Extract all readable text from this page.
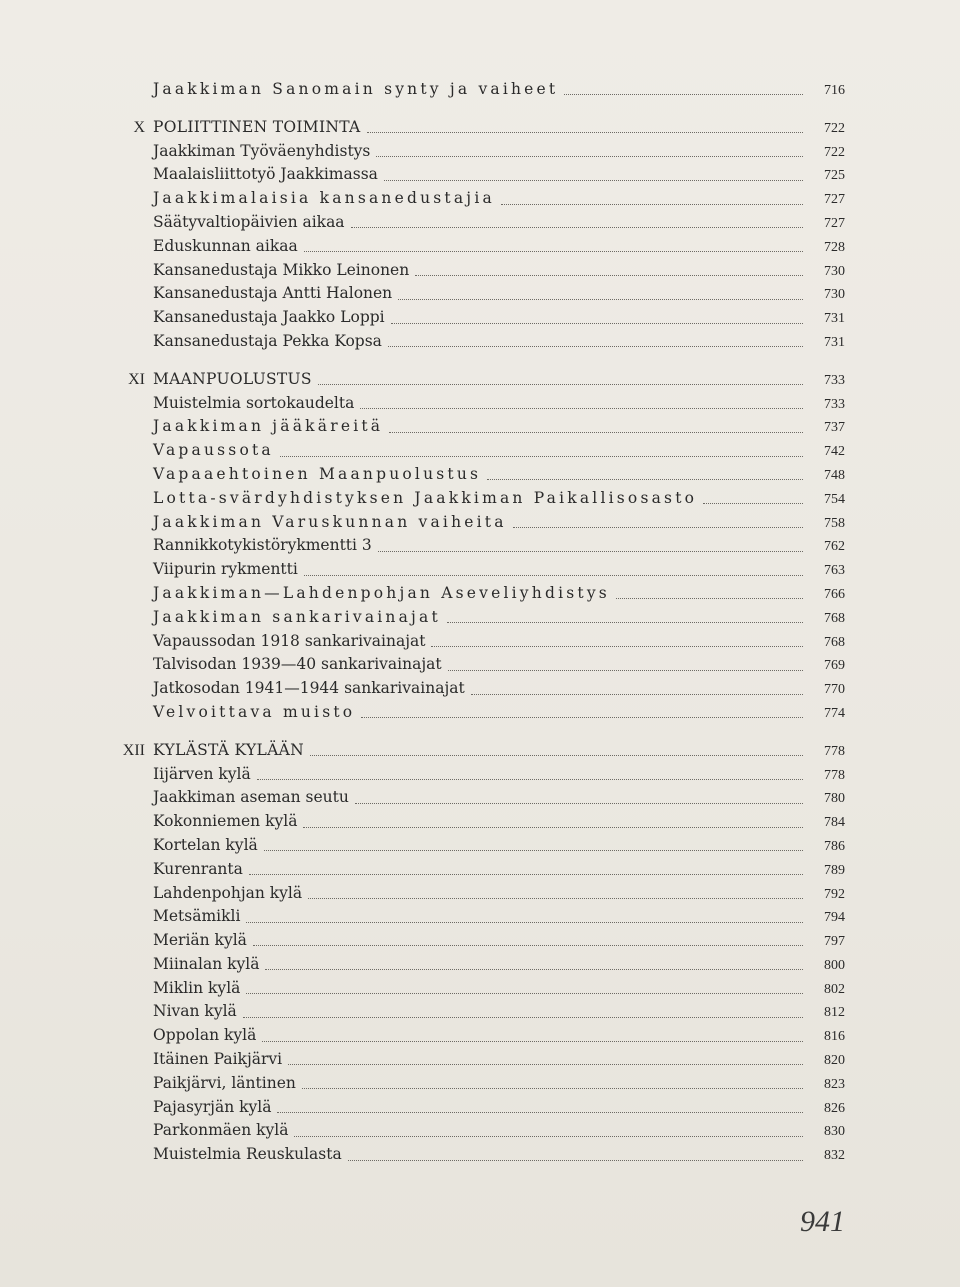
Jaakkiman Sanomain synty ja vaiheet	716
X POLIITTINEN TOIMINTA	722
Jaakkiman Työväenyhdistys	722
Maalaisliittotyö Jaakkimassa	725
Jaakkimalaisia kansanedustajia	727
Säätyvaltiopäivien aikaa	727
Eduskunnan aikaa	728
Kansanedustaja Mikko Leinonen	730
Kansanedustaja Antti Halonen	730
Kansanedustaja Jaakko Loppi	731
Kansanedustaja Pekka Kopsa	731
XI MAANPUOLUSTUS	733
Muistelmia sortokaudelta	733
Jaakkiman jääkäreitä	737
Vapaussota	742
Vapaaehtoinen Maanpuolustus	748
Lotta-svärdyhdistyksen Jaakkiman Paikallisosasto	754
Jaakkiman Varuskunnan vaiheita	758
Rannikkotykistörykmentti 3	762
Viipurin rykmentti	763
Jaakkiman—Lahdenpohjan Aseveliyhdistys	766
Jaakkiman sankarivainajat	768
Vapaussodan 1918 sankarivainajat	768
Talvisodan 1939—40 sankarivainajat	769
Jatkosodan 1941—1944 sankarivainajat	770
Velvoittava muisto	774
XII KYLÄSTÄ KYLÄÄN	778
Iijärven kylä	778
Jaakkiman aseman seutu	780
Kokonniemen kylä	784
Kortelan kylä	786
Kurenranta	789
Lahdenpohjan kylä	792
Metsämikli	794
Meriän kylä	797
Miinalan kylä	800
Miklin kylä	802
Nivan kylä	812
Oppolan kylä	816
Itäinen Paikjärvi	820
Paikjärvi, läntinen	823
Pajasyrjän kylä	826
Parkonmäen kylä	830
Muistelmia Reuskulasta	832
941
